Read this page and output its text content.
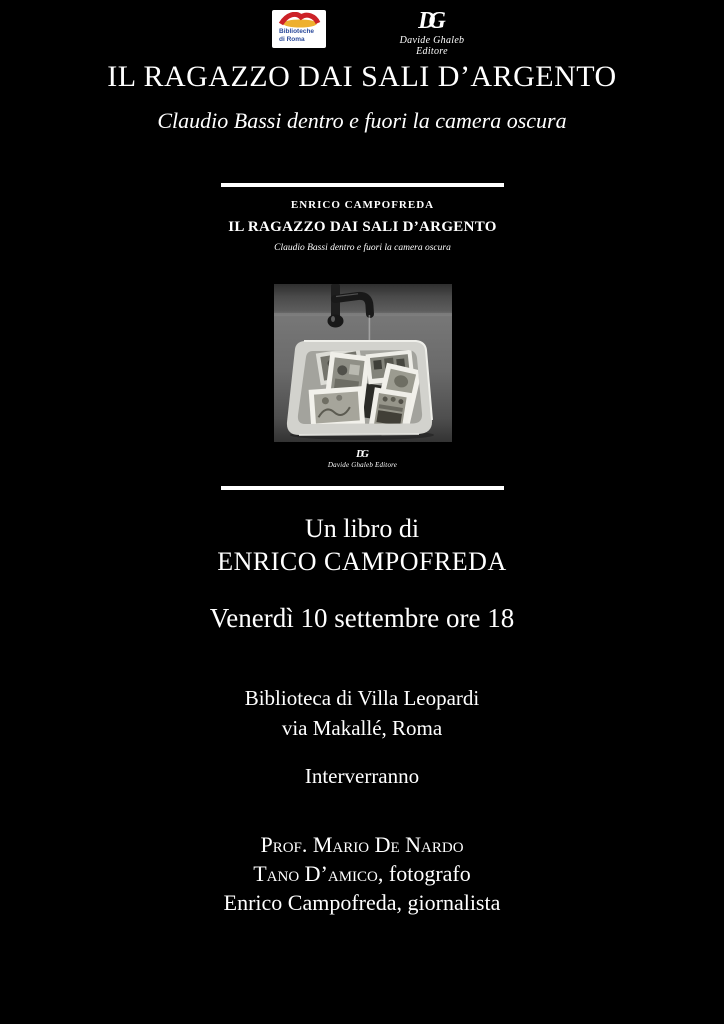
Biblioteche
di Roma
DG
Davide Ghaleb Editore
IL RAGAZZO DAI SALI D’ARGENTO
Claudio Bassi dentro e fuori la camera oscura
ENRICO CAMPOFREDA
IL RAGAZZO DAI SALI D’ARGENTO
Claudio Bassi dentro e fuori la camera oscura
DG
Davide Ghaleb Editore
Un libro di
ENRICO CAMPOFREDA
Venerdì 10 settembre ore 18
Biblioteca di Villa Leopardi
via Makallé, Roma
Interverranno
Prof. Mario De Nardo
Tano D’amico, fotografo
Enrico Campofreda, giornalista
